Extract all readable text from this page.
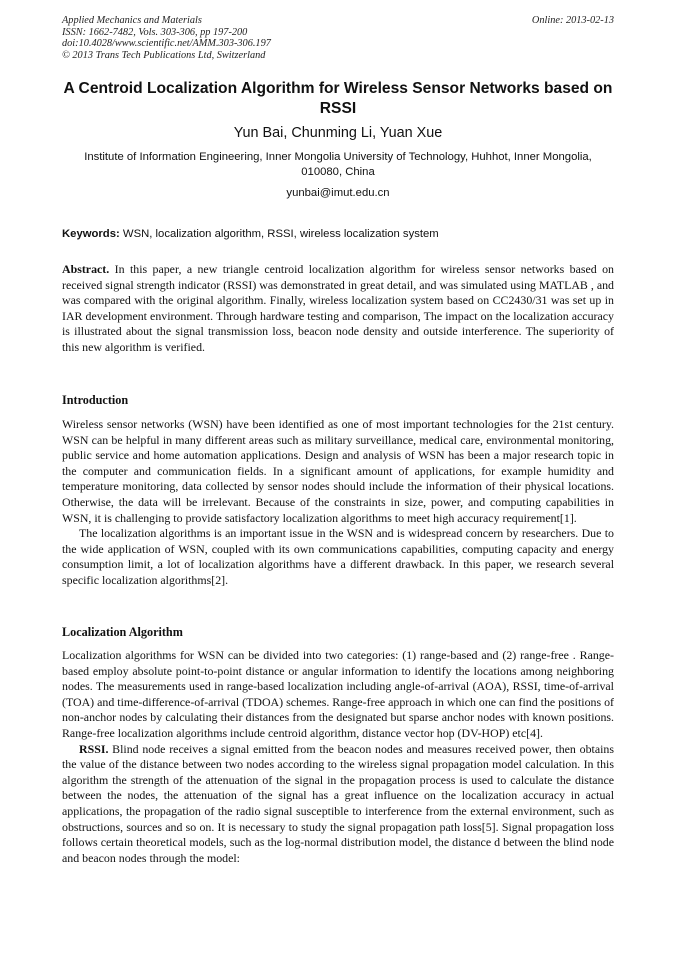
Applied Mechanics and Materials	Online: 2013-02-13
ISSN: 1662-7482, Vols. 303-306, pp 197-200
doi:10.4028/www.scientific.net/AMM.303-306.197
© 2013 Trans Tech Publications Ltd, Switzerland
A Centroid Localization Algorithm for Wireless Sensor Networks based on RSSI
Yun Bai, Chunming Li, Yuan Xue
Institute of Information Engineering, Inner Mongolia University of Technology, Huhhot, Inner Mongolia, 010080, China
yunbai@imut.edu.cn
Keywords: WSN, localization algorithm, RSSI, wireless localization system
Abstract. In this paper, a new triangle centroid localization algorithm for wireless sensor networks based on received signal strength indicator (RSSI) was demonstrated in great detail, and was simulated using MATLAB , and was compared with the original algorithm. Finally, wireless localization system based on CC2430/31 was set up in IAR development environment. Through hardware testing and comparison, The impact on the localization accuracy is illustrated about the signal transmission loss, beacon node density and outside interference. The superiority of this new algorithm is verified.
Introduction

Wireless sensor networks (WSN) have been identified as one of most important technologies for the 21st century. WSN can be helpful in many different areas such as military surveillance, medical care, environmental monitoring, public service and home automation applications. Design and analysis of WSN has been a major research topic in the computer and communication fields. In a significant amount of applications, for example humidity and temperature monitoring, data collected by sensor nodes should include the information of their physical locations. Otherwise, the data will be irrelevant. Because of the constraints in size, power, and computing capabilities in WSN, it is challenging to provide satisfactory localization algorithms to meet high accuracy requirement[1].

The localization algorithms is an important issue in the WSN and is widespread concern by researchers. Due to the wide application of WSN, coupled with its own communications capabilities, computing capacity and energy consumption limit, a lot of localization algorithms have a different drawback. In this paper, we research several specific localization algorithms[2].

Localization Algorithm

Localization algorithms for WSN can be divided into two categories: (1) range-based and (2) range-free . Range-based employ absolute point-to-point distance or angular information to identify the locations among neighboring nodes. The measurements used in range-based localization including angle-of-arrival (AOA), RSSI, time-of-arrival (TOA) and time-difference-of-arrival (TDOA) schemes. Range-free approach in which one can find the positions of non-anchor nodes by calculating their distances from the designated but sparse anchor nodes with known positions. Range-free localization algorithms include centroid algorithm, distance vector hop (DV-HOP) etc[4].

RSSI. Blind node receives a signal emitted from the beacon nodes and measures received power, then obtains the value of the distance between two nodes according to the wireless signal propagation model calculation. In this algorithm the strength of the attenuation of the signal in the propagation process is used to calculate the distance between the nodes, the attenuation of the signal has a great influence on the localization accuracy in actual applications, the propagation of the radio signal susceptible to interference from the external environment, such as obstructions, sources and so on. It is necessary to study the signal propagation path loss[5]. Signal propagation loss follows certain theoretical models, such as the log-normal distribution model, the distance d between the blind node and beacon nodes through the model:
